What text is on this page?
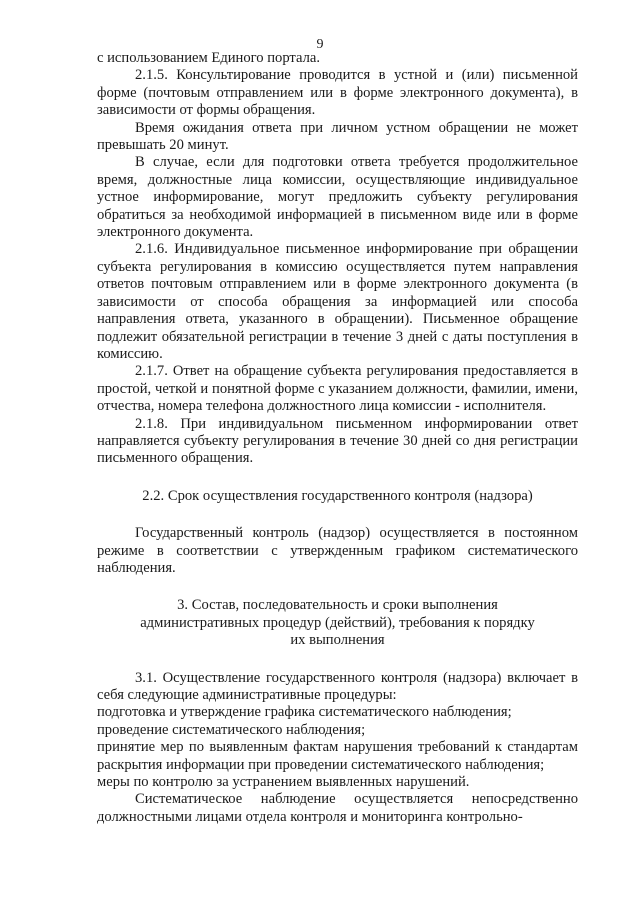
9

с использованием Единого портала.

2.1.5. Консультирование проводится в устной и (или) письменной форме (почтовым отправлением или в форме электронного документа), в зависимости от формы обращения.

Время ожидания ответа при личном устном обращении не может превышать 20 минут.

В случае, если для подготовки ответа требуется продолжительное время, должностные лица комиссии, осуществляющие индивидуальное устное информирование, могут предложить субъекту регулирования обратиться за необходимой информацией в письменном виде или в форме электронного документа.

2.1.6. Индивидуальное письменное информирование при обращении субъекта регулирования в комиссию осуществляется путем направления ответов почтовым отправлением или в форме электронного документа (в зависимости от способа обращения за информацией или способа направления ответа, указанного в обращении). Письменное обращение подлежит обязательной регистрации в течение 3 дней с даты поступления в комиссию.

2.1.7. Ответ на обращение субъекта регулирования предоставляется в простой, четкой и понятной форме с указанием должности, фамилии, имени, отчества, номера телефона должностного лица комиссии - исполнителя.

2.1.8. При индивидуальном письменном информировании ответ направляется субъекту регулирования в течение 30 дней со дня регистрации письменного обращения.

2.2. Срок осуществления государственного контроля (надзора)

Государственный контроль (надзор) осуществляется в постоянном режиме в соответствии с утвержденным графиком систематического наблюдения.

3. Состав, последовательность и сроки выполнения

административных процедур (действий), требования к порядку

их выполнения

3.1. Осуществление государственного контроля (надзора) включает в себя следующие административные процедуры:

подготовка и утверждение графика систематического наблюдения;

проведение систематического наблюдения;

принятие мер по выявленным фактам нарушения требований к стандартам раскрытия информации при проведении систематического наблюдения;

меры по контролю за устранением выявленных нарушений.

Систематическое наблюдение осуществляется непосредственно должностными лицами отдела контроля и мониторинга контрольно-
